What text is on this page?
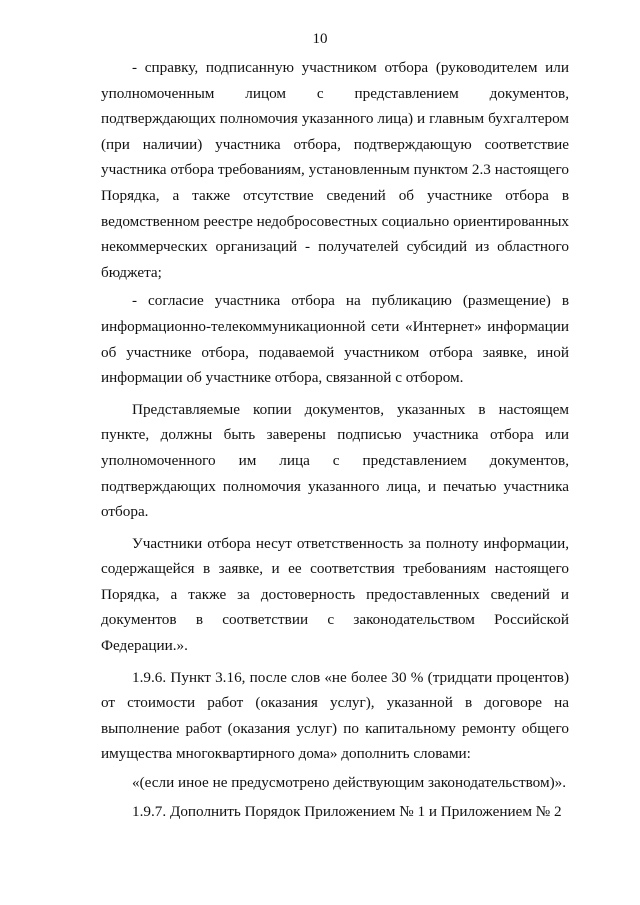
10

- справку, подписанную участником отбора (руководителем или уполномоченным лицом с представлением документов, подтверждающих полномочия указанного лица) и главным бухгалтером (при наличии) участника отбора, подтверждающую соответствие участника отбора требованиям, установленным пунктом 2.3 настоящего Порядка, а также отсутствие сведений об участнике отбора в ведомственном реестре недобросовестных социально ориентированных некоммерческих организаций - получателей субсидий из областного бюджета;

- согласие участника отбора на публикацию (размещение) в информационно-телекоммуникационной сети «Интернет» информации об участнике отбора, подаваемой участником отбора заявке, иной информации об участнике отбора, связанной с отбором.

Представляемые копии документов, указанных в настоящем пункте, должны быть заверены подписью участника отбора или уполномоченного им лица с представлением документов, подтверждающих полномочия указанного лица, и печатью участника отбора.

Участники отбора несут ответственность за полноту информации, содержащейся в заявке, и ее соответствия требованиям настоящего Порядка, а также за достоверность предоставленных сведений и документов в соответствии с законодательством Российской Федерации.».

1.9.6. Пункт 3.16, после слов «не более 30 % (тридцати процентов) от стоимости работ (оказания услуг), указанной в договоре на выполнение работ (оказания услуг) по капитальному ремонту общего имущества многоквартирного дома» дополнить словами:

«(если иное не предусмотрено действующим законодательством)».

1.9.7. Дополнить Порядок Приложением № 1 и Приложением № 2
